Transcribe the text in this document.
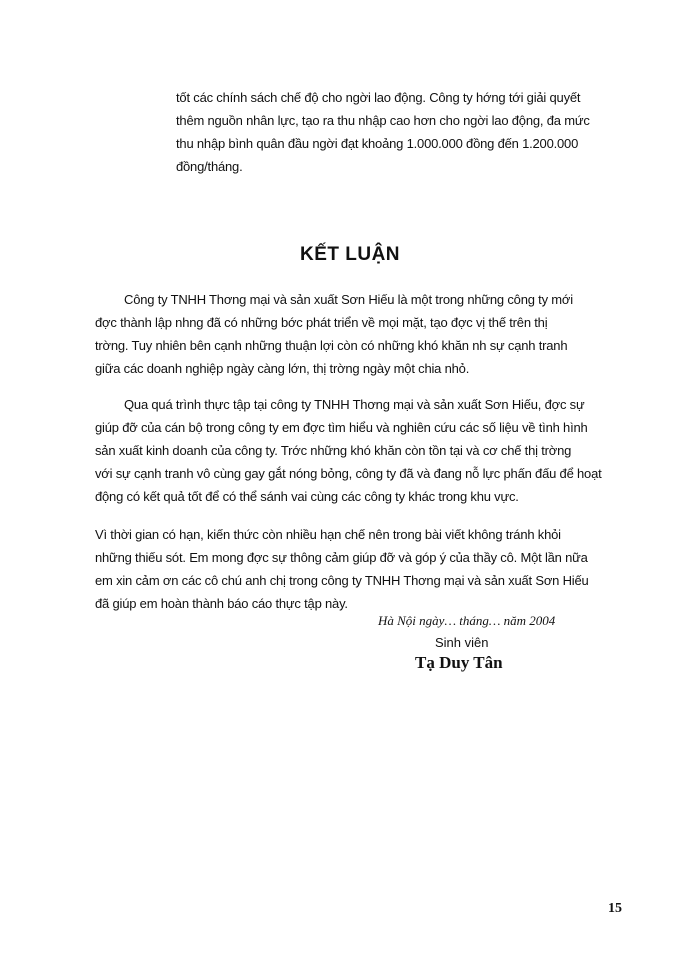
tốt các chính sách chế độ cho ngời lao động. Công ty hớng tới giải quyết
thêm nguồn nhân lực, tạo ra thu nhập cao hơn cho ngời lao động, đa mức
thu nhập bình quân đầu ngời đạt khoảng 1.000.000 đồng đến 1.200.000
đồng/tháng.
KẾT LUẬN
Công ty TNHH Thơng mại và sản xuất Sơn Hiếu là một trong những công ty mới
đợc thành lập nhng đã có những bớc phát triển về mọi mặt, tạo đợc vị thế trên thị
trờng. Tuy nhiên bên cạnh những thuận lợi còn có những khó khăn nh sự cạnh tranh
giữa các doanh nghiệp ngày càng lớn, thị trờng ngày một chia nhỏ.
Qua quá trình thực tập tại công ty TNHH Thơng mại và sản xuất Sơn Hiếu, đợc sự
giúp đỡ của cán bộ trong công ty em đợc tìm hiểu và nghiên cứu các số liệu về tình hình
sản xuất kinh doanh của công ty. Trớc những khó khăn còn tồn tại và cơ chế thị trờng
với sự cạnh tranh vô cùng gay gắt nóng bỏng, công ty đã và đang nỗ lực phấn đấu để hoạt
động có kết quả tốt để có thể sánh vai cùng các công ty khác trong khu vực.
Vì thời gian có hạn, kiến thức còn nhiều hạn chế nên trong bài viết không tránh khỏi
những thiếu sót. Em mong đợc sự thông cảm giúp đỡ và góp ý của thầy cô. Một lần nữa
em xin cảm ơn các cô chú anh chị trong công ty TNHH Thơng mại và sản xuất Sơn Hiếu
đã giúp em hoàn thành báo cáo thực tập này.
Hà Nội ngày… tháng… năm 2004
Sinh viên
Tạ Duy Tân
15
